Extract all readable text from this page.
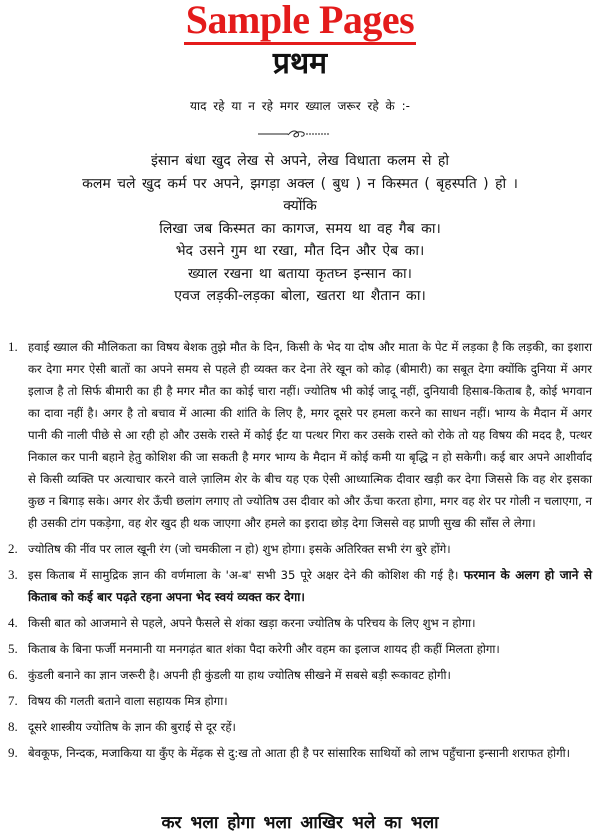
Sample Pages
प्रथम
याद रहे या न रहे मगर ख्याल जरूर रहे के :-
इंसान बंधा खुद लेख से अपने, लेख विधाता कलम से हो
कलम चले खुद कर्म पर अपने, झगड़ा अक्ल ( बुध ) न किस्मत ( बृहस्पति ) हो ।
क्योंकि
लिखा जब किस्मत का कागज, समय था वह गैब का।
भेद उसने गुम था रखा, मौत दिन और ऐब का।
ख्याल रखना था बताया कृतघ्न इन्सान का।
एवज लड़की-लड़का बोला, खतरा था शैतान का।
1. हवाई ख्याल की मौलिकता का विषय बेशक तुझे मौत के दिन, किसी के भेद या दोष और माता के पेट में लड़का है कि लड़की, का इशारा कर देगा मगर ऐसी बातों का अपने समय से पहले ही व्यक्त कर देना तेरे खून को कोढ़ (बीमारी) का सबूत देगा क्योंकि दुनिया में अगर इलाज है तो सिर्फ बीमारी का ही है मगर मौत का कोई चारा नहीं। ज्योतिष भी कोई जादू नहीं, दुनियावी हिसाब-किताब है, कोई भगवान का दावा नहीं है। अगर है तो बचाव में आत्मा की शांति के लिए है, मगर दूसरे पर हमला करने का साधन नहीं। भाग्य के मैदान में अगर पानी की नाली पीछे से आ रही हो और उसके रास्ते में कोई ईंट या पत्थर गिरा कर उसके रास्ते को रोके तो यह विषय की मदद है, पत्थर निकाल कर पानी बहाने हेतु कोशिश की जा सकती है मगर भाग्य के मैदान में कोई कमी या बृद्धि न हो सकेगी। कई बार अपने आशीर्वाद से किसी व्यक्ति पर अत्याचार करने वाले ज़ालिम शेर के बीच यह एक ऐसी आध्यात्मिक दीवार खड़ी कर देगा जिससे कि वह शेर इसका कुछ न बिगाड़ सके। अगर शेर ऊँची छलांग लगाए तो ज्योतिष उस दीवार को और ऊँचा करता होगा, मगर वह शेर पर गोली न चलाएगा, न ही उसकी टांग पकड़ेगा, वह शेर खुद ही थक जाएगा और हमले का इरादा छोड़ देगा जिससे वह प्राणी सुख की साँस ले लेगा।
2. ज्योतिष की नींव पर लाल खूनी रंग (जो चमकीला न हो) शुभ होगा। इसके अतिरिक्त सभी रंग बुरे होंगे।
3. इस किताब में सामुद्रिक ज्ञान की वर्णमाला के 'अ-ब' सभी 35 पूरे अक्षर देने की कोशिश की गई है। फरमान के अलग हो जाने से किताब को कई बार पढ़ते रहना अपना भेद स्वयं व्यक्त कर देगा।
4. किसी बात को आजमाने से पहले, अपने फैसले से शंका खड़ा करना ज्योतिष के परिचय के लिए शुभ न होगा।
5. किताब के बिना फर्जी मनमानी या मनगढ़ंत बात शंका पैदा करेगी और वहम का इलाज शायद ही कहीं मिलता होगा।
6. कुंडली बनाने का ज्ञान जरूरी है। अपनी ही कुंडली या हाथ ज्योतिष सीखने में सबसे बड़ी रूकावट होगी।
7. विषय की गलती बताने वाला सहायक मित्र होगा।
8. दूसरे शास्त्रीय ज्योतिष के ज्ञान की बुराई से दूर रहें।
9. बेवकूफ, निन्दक, मजाकिया या कुँए के मेंढ़क से दु:ख तो आता ही है पर सांसारिक साथियों को लाभ पहुँचाना इन्सानी शराफत होगी।
कर भला होगा भला आखिर भले का भला
